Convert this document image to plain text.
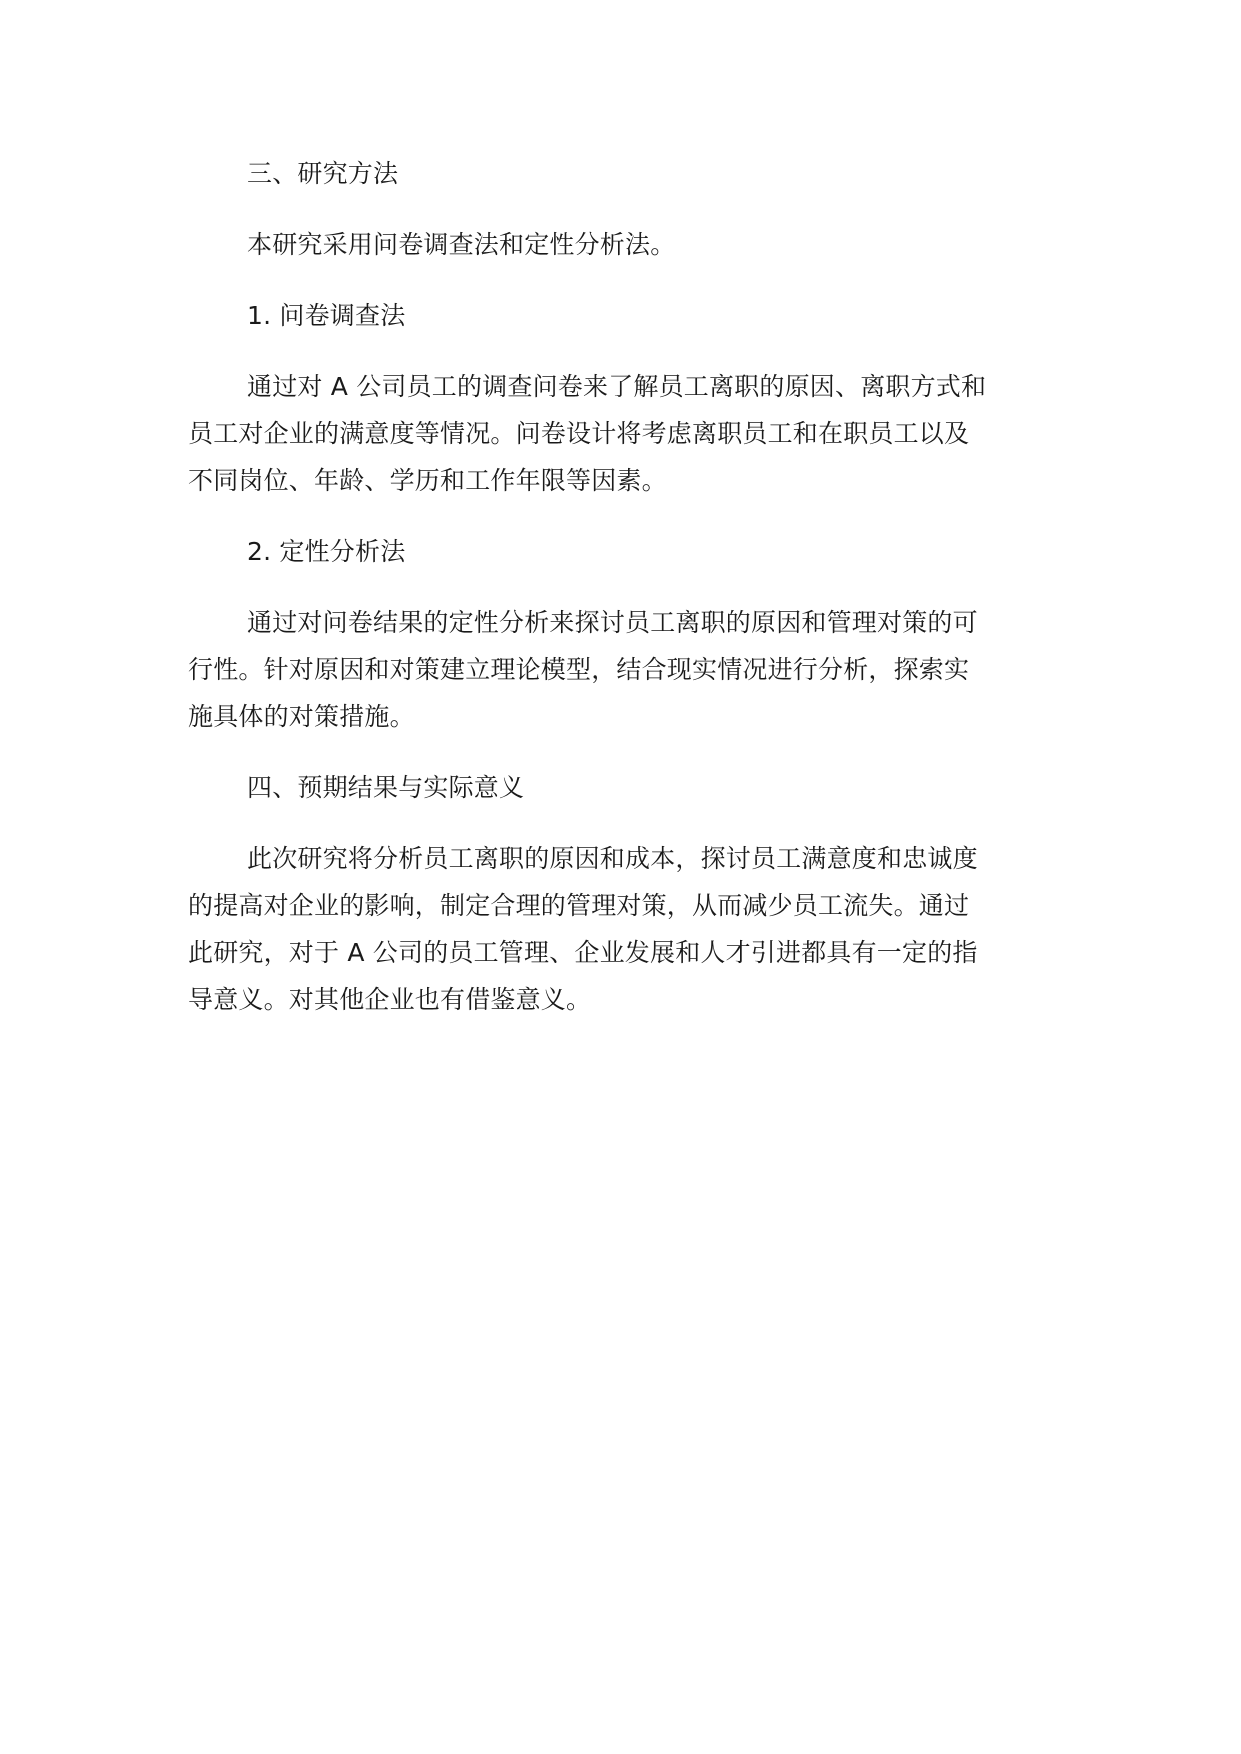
三、研究方法
本研究采用问卷调查法和定性分析法。
1. 问卷调查法
通过对 A 公司员工的调查问卷来了解员工离职的原因、离职方式和
员工对企业的满意度等情况。问卷设计将考虑离职员工和在职员工以及
不同岗位、年龄、学历和工作年限等因素。
2. 定性分析法
通过对问卷结果的定性分析来探讨员工离职的原因和管理对策的可
行性。针对原因和对策建立理论模型，结合现实情况进行分析，探索实
施具体的对策措施。
四、预期结果与实际意义
此次研究将分析员工离职的原因和成本，探讨员工满意度和忠诚度
的提高对企业的影响，制定合理的管理对策，从而减少员工流失。通过
此研究，对于 A 公司的员工管理、企业发展和人才引进都具有一定的指
导意义。对其他企业也有借鉴意义。
